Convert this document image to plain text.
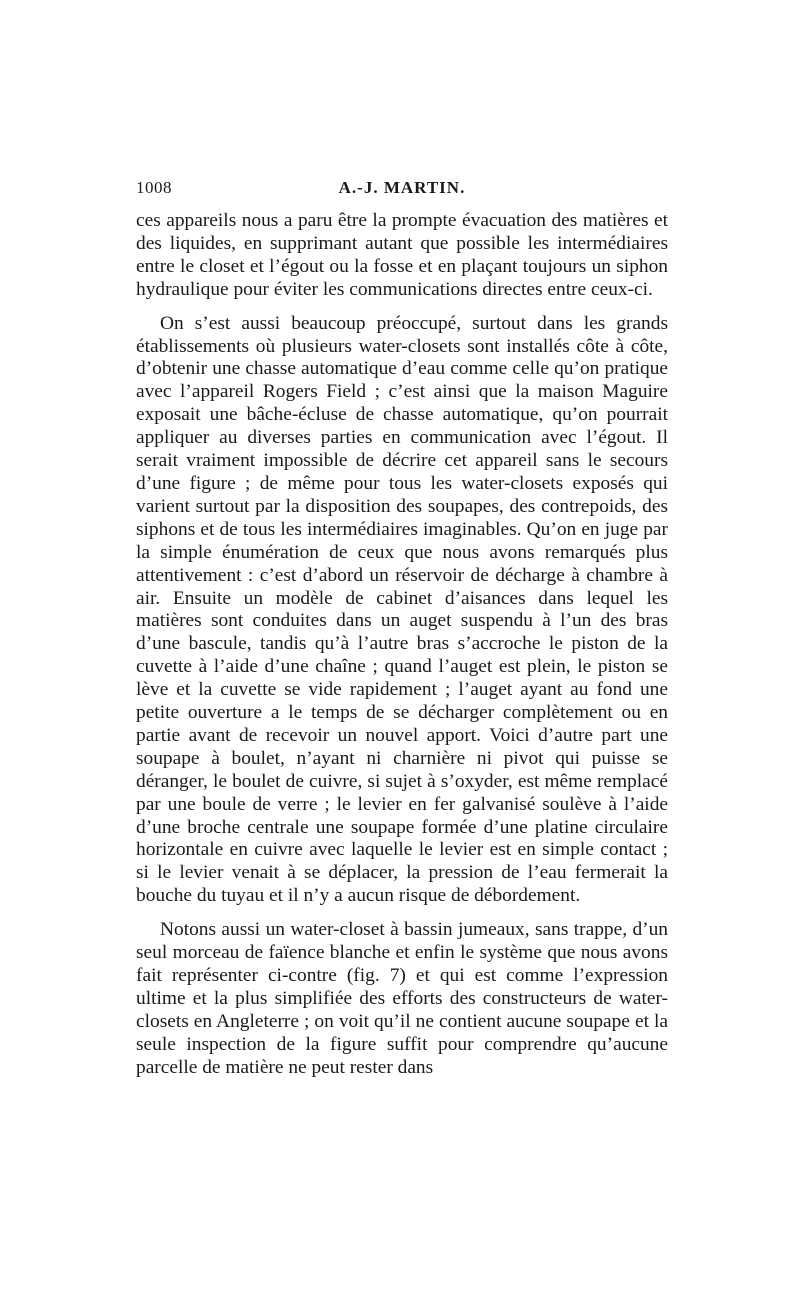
1008	A.-J. MARTIN.

ces appareils nous a paru être la prompte évacuation des matières et des liquides, en supprimant autant que possible les intermédiaires entre le closet et l’égout ou la fosse et en plaçant toujours un siphon hydraulique pour éviter les communications directes entre ceux-ci.

On s’est aussi beaucoup préoccupé, surtout dans les grands établissements où plusieurs water-closets sont installés côte à côte, d’obtenir une chasse automatique d’eau comme celle qu’on pratique avec l’appareil Rogers Field ; c’est ainsi que la maison Maguire exposait une bâche-écluse de chasse automatique, qu’on pourrait appliquer au diverses parties en communication avec l’égout. Il serait vraiment impossible de décrire cet appareil sans le secours d’une figure ; de même pour tous les water-closets exposés qui varient surtout par la disposition des soupapes, des contrepoids, des siphons et de tous les intermédiaires imaginables. Qu’on en juge par la simple énumération de ceux que nous avons remarqués plus attentivement : c’est d’abord un réservoir de décharge à chambre à air. Ensuite un modèle de cabinet d’aisances dans lequel les matières sont conduites dans un auget suspendu à l’un des bras d’une bascule, tandis qu’à l’autre bras s’accroche le piston de la cuvette à l’aide d’une chaîne ; quand l’auget est plein, le piston se lève et la cuvette se vide rapidement ; l’auget ayant au fond une petite ouverture a le temps de se décharger complètement ou en partie avant de recevoir un nouvel apport. Voici d’autre part une soupape à boulet, n’ayant ni charnière ni pivot qui puisse se déranger, le boulet de cuivre, si sujet à s’oxyder, est même remplacé par une boule de verre ; le levier en fer galvanisé soulève à l’aide d’une broche centrale une soupape formée d’une platine circulaire horizontale en cuivre avec laquelle le levier est en simple contact ; si le levier venait à se déplacer, la pression de l’eau fermerait la bouche du tuyau et il n’y a aucun risque de débordement.

Notons aussi un water-closet à bassin jumeaux, sans trappe, d’un seul morceau de faïence blanche et enfin le système que nous avons fait représenter ci-contre (fig. 7) et qui est comme l’expression ultime et la plus simplifiée des efforts des constructeurs de water-closets en Angleterre ; on voit qu’il ne contient aucune soupape et la seule inspection de la figure suffit pour comprendre qu’aucune parcelle de matière ne peut rester dans
